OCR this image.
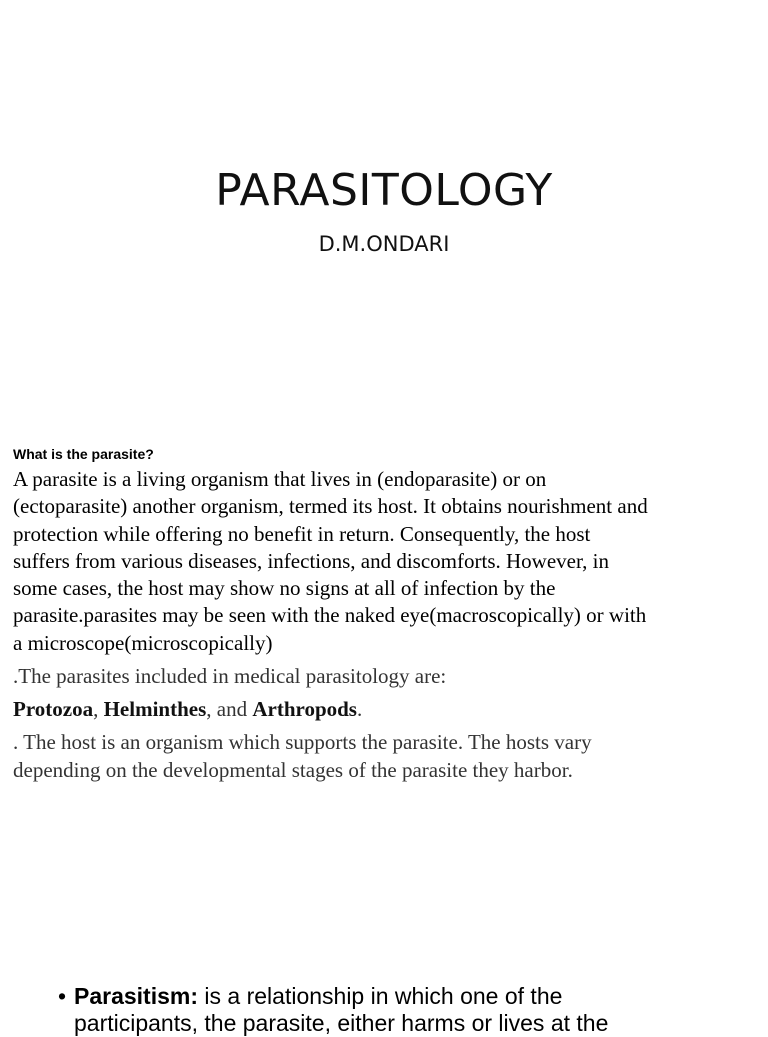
PARASITOLOGY
D.M.ONDARI

What is the parasite?

A parasite is a living organism that lives in (endoparasite) or on
(ectoparasite) another organism, termed its host. It obtains nourishment and
protection while offering no benefit in return. Consequently, the host
suffers from various diseases, infections, and discomforts. However, in
some cases, the host may show no signs at all of infection by the
parasite.parasites may be seen with the naked eye(macroscopically) or with
a microscope(microscopically)

.The parasites included in medical parasitology are:

Protozoa, Helminthes, and Arthropods.

. The host is an organism which supports the parasite. The hosts vary
depending on the developmental stages of the parasite they harbor.

• Parasitism: is a relationship in which one of the
participants, the parasite, either harms or lives at the
